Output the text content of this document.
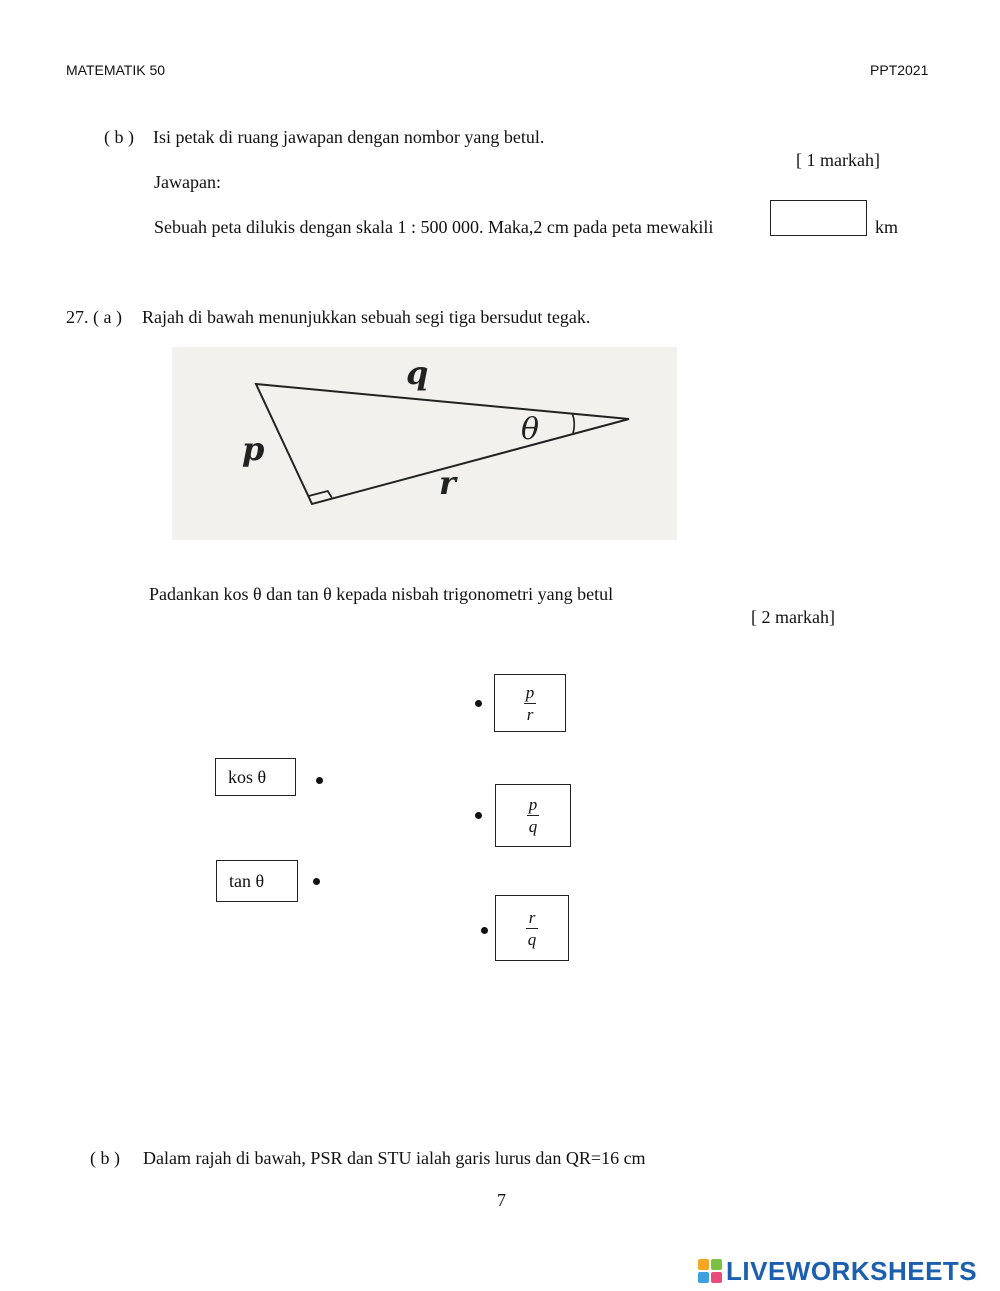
MATEMATIK 50	PPT2021
( b ) Isi petak di ruang jawapan dengan nombor yang betul.
[ 1 markah]
Jawapan:
Sebuah peta dilukis dengan skala 1 : 500 000. Maka,2 cm pada peta mewakili	km
27. ( a ) Rajah di bawah menunjukkan sebuah segi tiga bersudut tegak.
q
p
r
θ
Padankan kos θ dan tan θ kepada nisbah trigonometri yang betul
[ 2 markah]
$\frac{p}{r}$
$\frac{p}{q}$
$\frac{r}{q}$
kos θ
tan θ
( b ) Dalam rajah di bawah, PSR dan STU ialah garis lurus dan QR=16 cm
7
LIVEWORKSHEETS
